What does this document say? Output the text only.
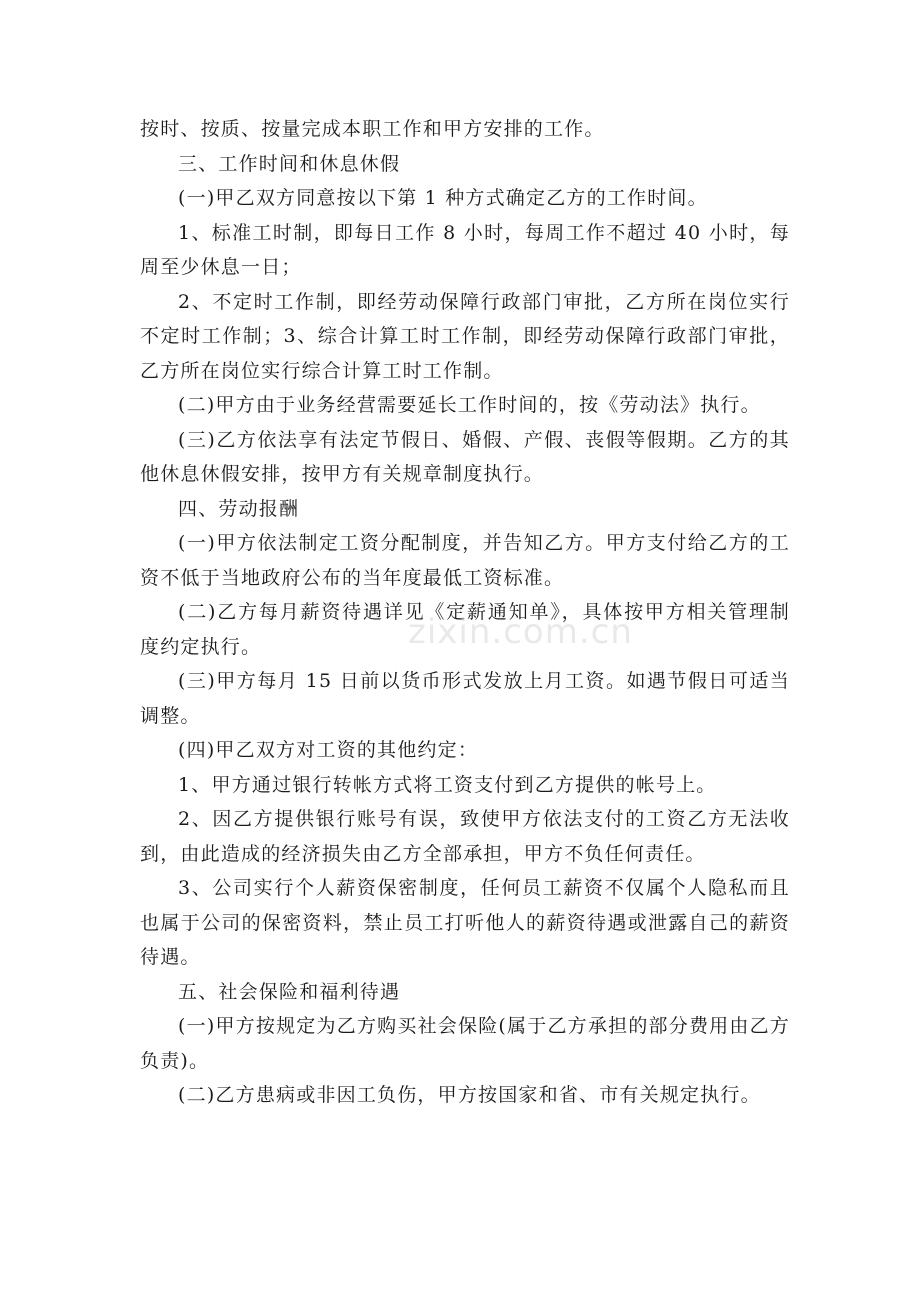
按时、按质、按量完成本职工作和甲方安排的工作。

三、工作时间和休息休假

(一)甲乙双方同意按以下第 1 种方式确定乙方的工作时间。

1、标准工时制，即每日工作 8 小时，每周工作不超过 40 小时，每周至少休息一日；

2、不定时工作制，即经劳动保障行政部门审批，乙方所在岗位实行不定时工作制；3、综合计算工时工作制，即经劳动保障行政部门审批，乙方所在岗位实行综合计算工时工作制。

(二)甲方由于业务经营需要延长工作时间的，按《劳动法》执行。

(三)乙方依法享有法定节假日、婚假、产假、丧假等假期。乙方的其他休息休假安排，按甲方有关规章制度执行。

四、劳动报酬

(一)甲方依法制定工资分配制度，并告知乙方。甲方支付给乙方的工资不低于当地政府公布的当年度最低工资标准。

(二)乙方每月薪资待遇详见《定薪通知单》，具体按甲方相关管理制度约定执行。

(三)甲方每月 15 日前以货币形式发放上月工资。如遇节假日可适当调整。

(四)甲乙双方对工资的其他约定：

1、甲方通过银行转帐方式将工资支付到乙方提供的帐号上。

2、因乙方提供银行账号有误，致使甲方依法支付的工资乙方无法收到，由此造成的经济损失由乙方全部承担，甲方不负任何责任。

3、公司实行个人薪资保密制度，任何员工薪资不仅属个人隐私而且也属于公司的保密资料，禁止员工打听他人的薪资待遇或泄露自己的薪资待遇。

五、社会保险和福利待遇

(一)甲方按规定为乙方购买社会保险(属于乙方承担的部分费用由乙方负责)。

(二)乙方患病或非因工负伤，甲方按国家和省、市有关规定执行。

zixin.com.cn
